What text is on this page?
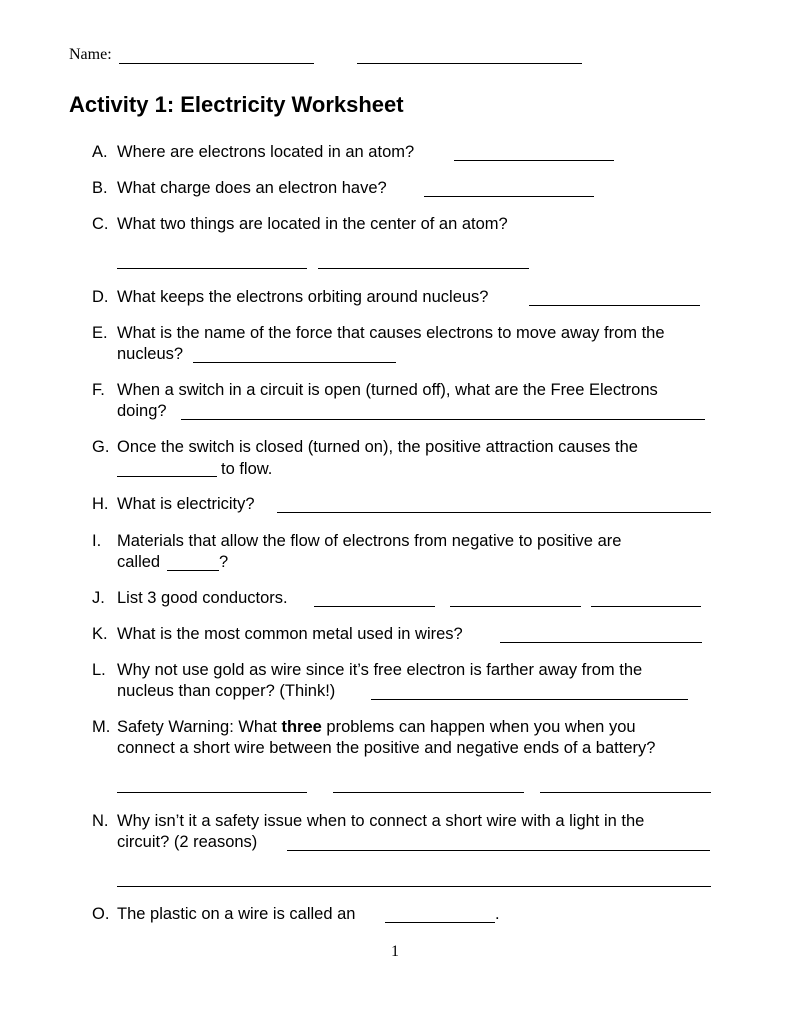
Name:
Activity 1: Electricity Worksheet
A. Where are electrons located in an atom?
B. What charge does an electron have?
C. What two things are located in the center of an atom?
D. What keeps the electrons orbiting around nucleus?
E. What is the name of the force that causes electrons to move away from the
nucleus?
F. When a switch in a circuit is open (turned off), what are the Free Electrons
doing?
G. Once the switch is closed (turned on), the positive attraction causes the
to flow.
H. What is electricity?
I. Materials that allow the flow of electrons from negative to positive are
called	?
J. List 3 good conductors.
K. What is the most common metal used in wires?
L. Why not use gold as wire since it’s free electron is farther away from the
nucleus than copper? (Think!)
M. Safety Warning: What three problems can happen when you when you
connect a short wire between the positive and negative ends of a battery?
N. Why isn’t it a safety issue when to connect a short wire with a light in the
circuit? (2 reasons)
O. The plastic on a wire is called an	.
1
